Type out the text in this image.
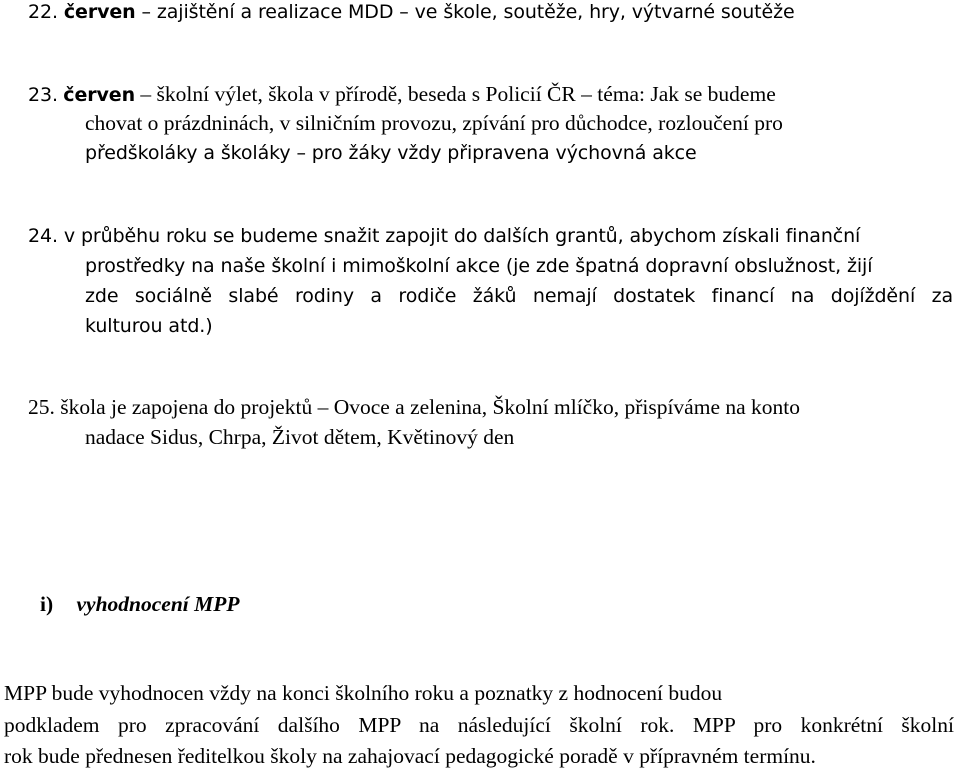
22. červen – zajištění a realizace MDD – ve škole, soutěže, hry, výtvarné soutěže
23. červen – školní výlet, škola v přírodě, beseda s Policií ČR – téma: Jak se budeme
chovat o prázdninách, v silničním provozu, zpívání pro důchodce, rozloučení pro
předškoláky a školáky – pro žáky vždy připravena výchovná akce
24. v průběhu roku se budeme snažit zapojit do dalších grantů, abychom získali finanční
prostředky na naše školní i mimoškolní akce (je zde špatná dopravní obslužnost, žijí
zde sociálně slabé rodiny a rodiče žáků nemají dostatek financí na dojíždění za
kulturou atd.)
25. škola je zapojena do projektů – Ovoce a zelenina, Školní mlíčko, přispíváme na konto
nadace Sidus, Chrpa, Život dětem, Květinový den
i) vyhodnocení MPP
MPP bude vyhodnocen vždy na konci školního roku a poznatky z hodnocení budou
podkladem pro zpracování dalšího MPP na následující školní rok. MPP pro konkrétní školní
rok bude přednesen ředitelkou školy na zahajovací pedagogické poradě v přípravném termínu.
